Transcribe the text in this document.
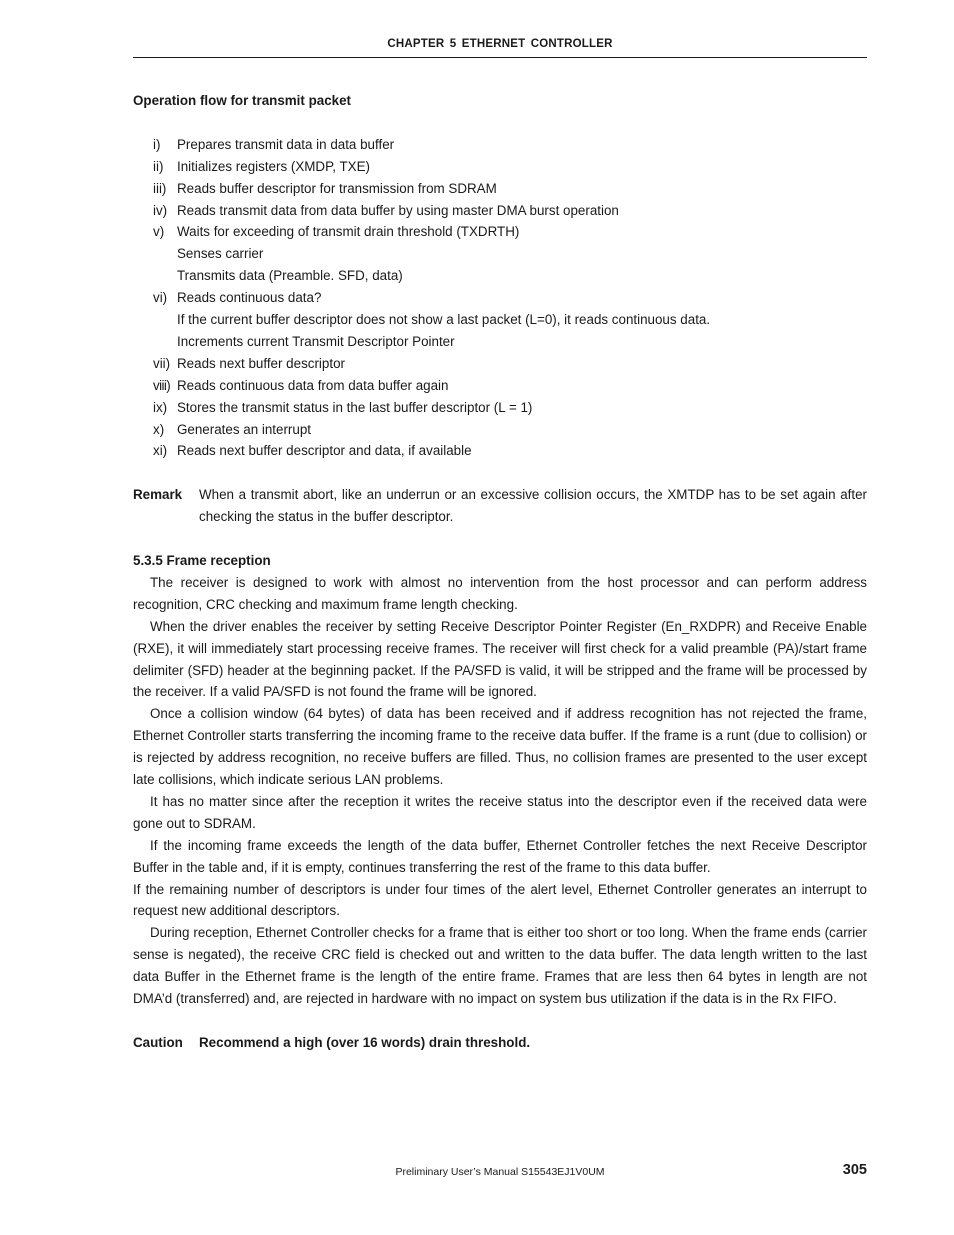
CHAPTER 5 ETHERNET CONTROLLER

Operation flow for transmit packet

i)	Prepares transmit data in data buffer
ii)	Initializes registers (XMDP, TXE)
iii) Reads buffer descriptor for transmission from SDRAM
iv) Reads transmit data from data buffer by using master DMA burst operation
v) Waits for exceeding of transmit drain threshold (TXDRTH)
Senses carrier
Transmits data (Preamble. SFD, data)
vi) Reads continuous data?
If the current buffer descriptor does not show a last packet (L=0), it reads continuous data.
Increments current Transmit Descriptor Pointer
vii) Reads next buffer descriptor
viii) Reads continuous data from data buffer again
ix) Stores the transmit status in the last buffer descriptor (L = 1)
x) Generates an interrupt
xi) Reads next buffer descriptor and data, if available
Remark	When a transmit abort, like an underrun or an excessive collision occurs, the XMTDP has to be set again after checking the status in the buffer descriptor.

5.3.5 Frame reception

The receiver is designed to work with almost no intervention from the host processor and can perform address recognition, CRC checking and maximum frame length checking.

When the driver enables the receiver by setting Receive Descriptor Pointer Register (En_RXDPR) and Receive Enable (RXE), it will immediately start processing receive frames. The receiver will first check for a valid preamble (PA)/start frame delimiter (SFD) header at the beginning packet. If the PA/SFD is valid, it will be stripped and the frame will be processed by the receiver. If a valid PA/SFD is not found the frame will be ignored.

Once a collision window (64 bytes) of data has been received and if address recognition has not rejected the frame, Ethernet Controller starts transferring the incoming frame to the receive data buffer. If the frame is a runt (due to collision) or is rejected by address recognition, no receive buffers are filled. Thus, no collision frames are presented to the user except late collisions, which indicate serious LAN problems.

It has no matter since after the reception it writes the receive status into the descriptor even if the received data were gone out to SDRAM.

If the incoming frame exceeds the length of the data buffer, Ethernet Controller fetches the next Receive Descriptor Buffer in the table and, if it is empty, continues transferring the rest of the frame to this data buffer.

If the remaining number of descriptors is under four times of the alert level, Ethernet Controller generates an interrupt to request new additional descriptors.

During reception, Ethernet Controller checks for a frame that is either too short or too long. When the frame ends (carrier sense is negated), the receive CRC field is checked out and written to the data buffer. The data length written to the last data Buffer in the Ethernet frame is the length of the entire frame. Frames that are less then 64 bytes in length are not DMA’d (transferred) and, are rejected in hardware with no impact on system bus utilization if the data is in the Rx FIFO.

Caution	Recommend a high (over 16 words) drain threshold.
Preliminary User’s Manual S15543EJ1V0UM	305
